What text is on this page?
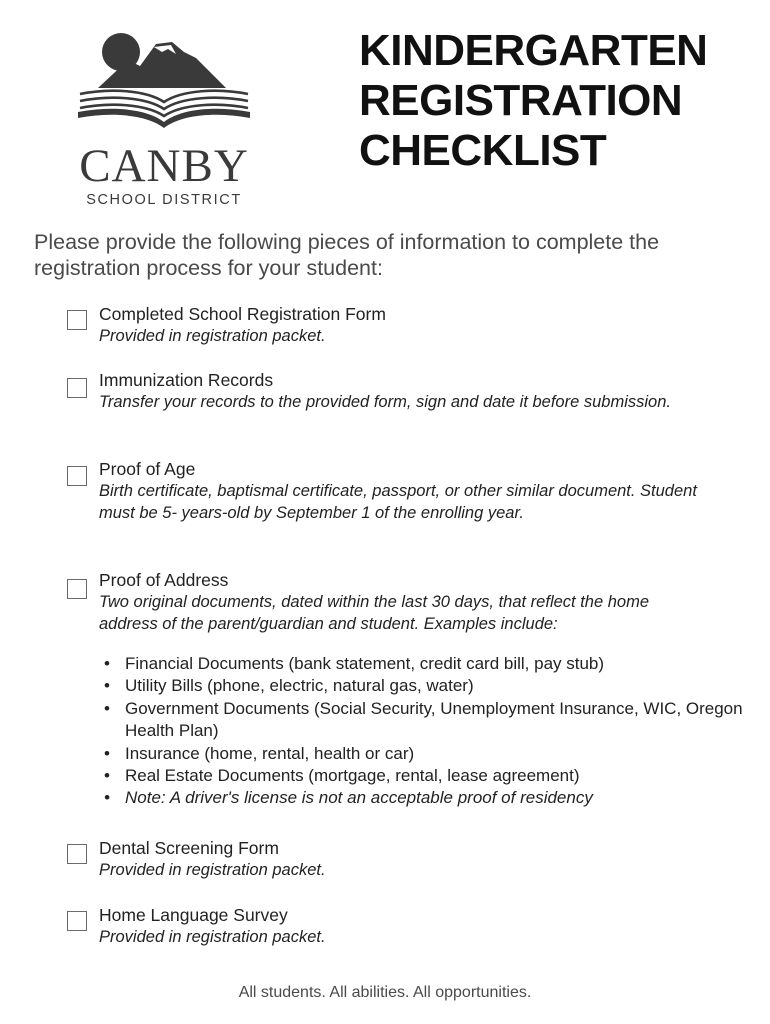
CANBY
SCHOOL DISTRICT
KINDERGARTEN
REGISTRATION
CHECKLIST
Please provide the following pieces of information to complete the registration process for your student:
Completed School Registration Form
Provided in registration packet.
Immunization Records
Transfer your records to the provided form, sign and date it before submission.
Proof of Age
Birth certificate, baptismal certificate, passport, or other similar document. Student must be 5- years-old by September 1 of the enrolling year.
Proof of Address
Two original documents, dated within the last 30 days, that reflect the home address of the parent/guardian and student. Examples include:
• Financial Documents (bank statement, credit card bill, pay stub)
• Utility Bills (phone, electric, natural gas, water)
• Government Documents (Social Security, Unemployment Insurance, WIC, Oregon Health Plan)
• Insurance (home, rental, health or car)
• Real Estate Documents (mortgage, rental, lease agreement)
• Note: A driver's license is not an acceptable proof of residency
Dental Screening Form
Provided in registration packet.
Home Language Survey
Provided in registration packet.
All students. All abilities. All opportunities.
